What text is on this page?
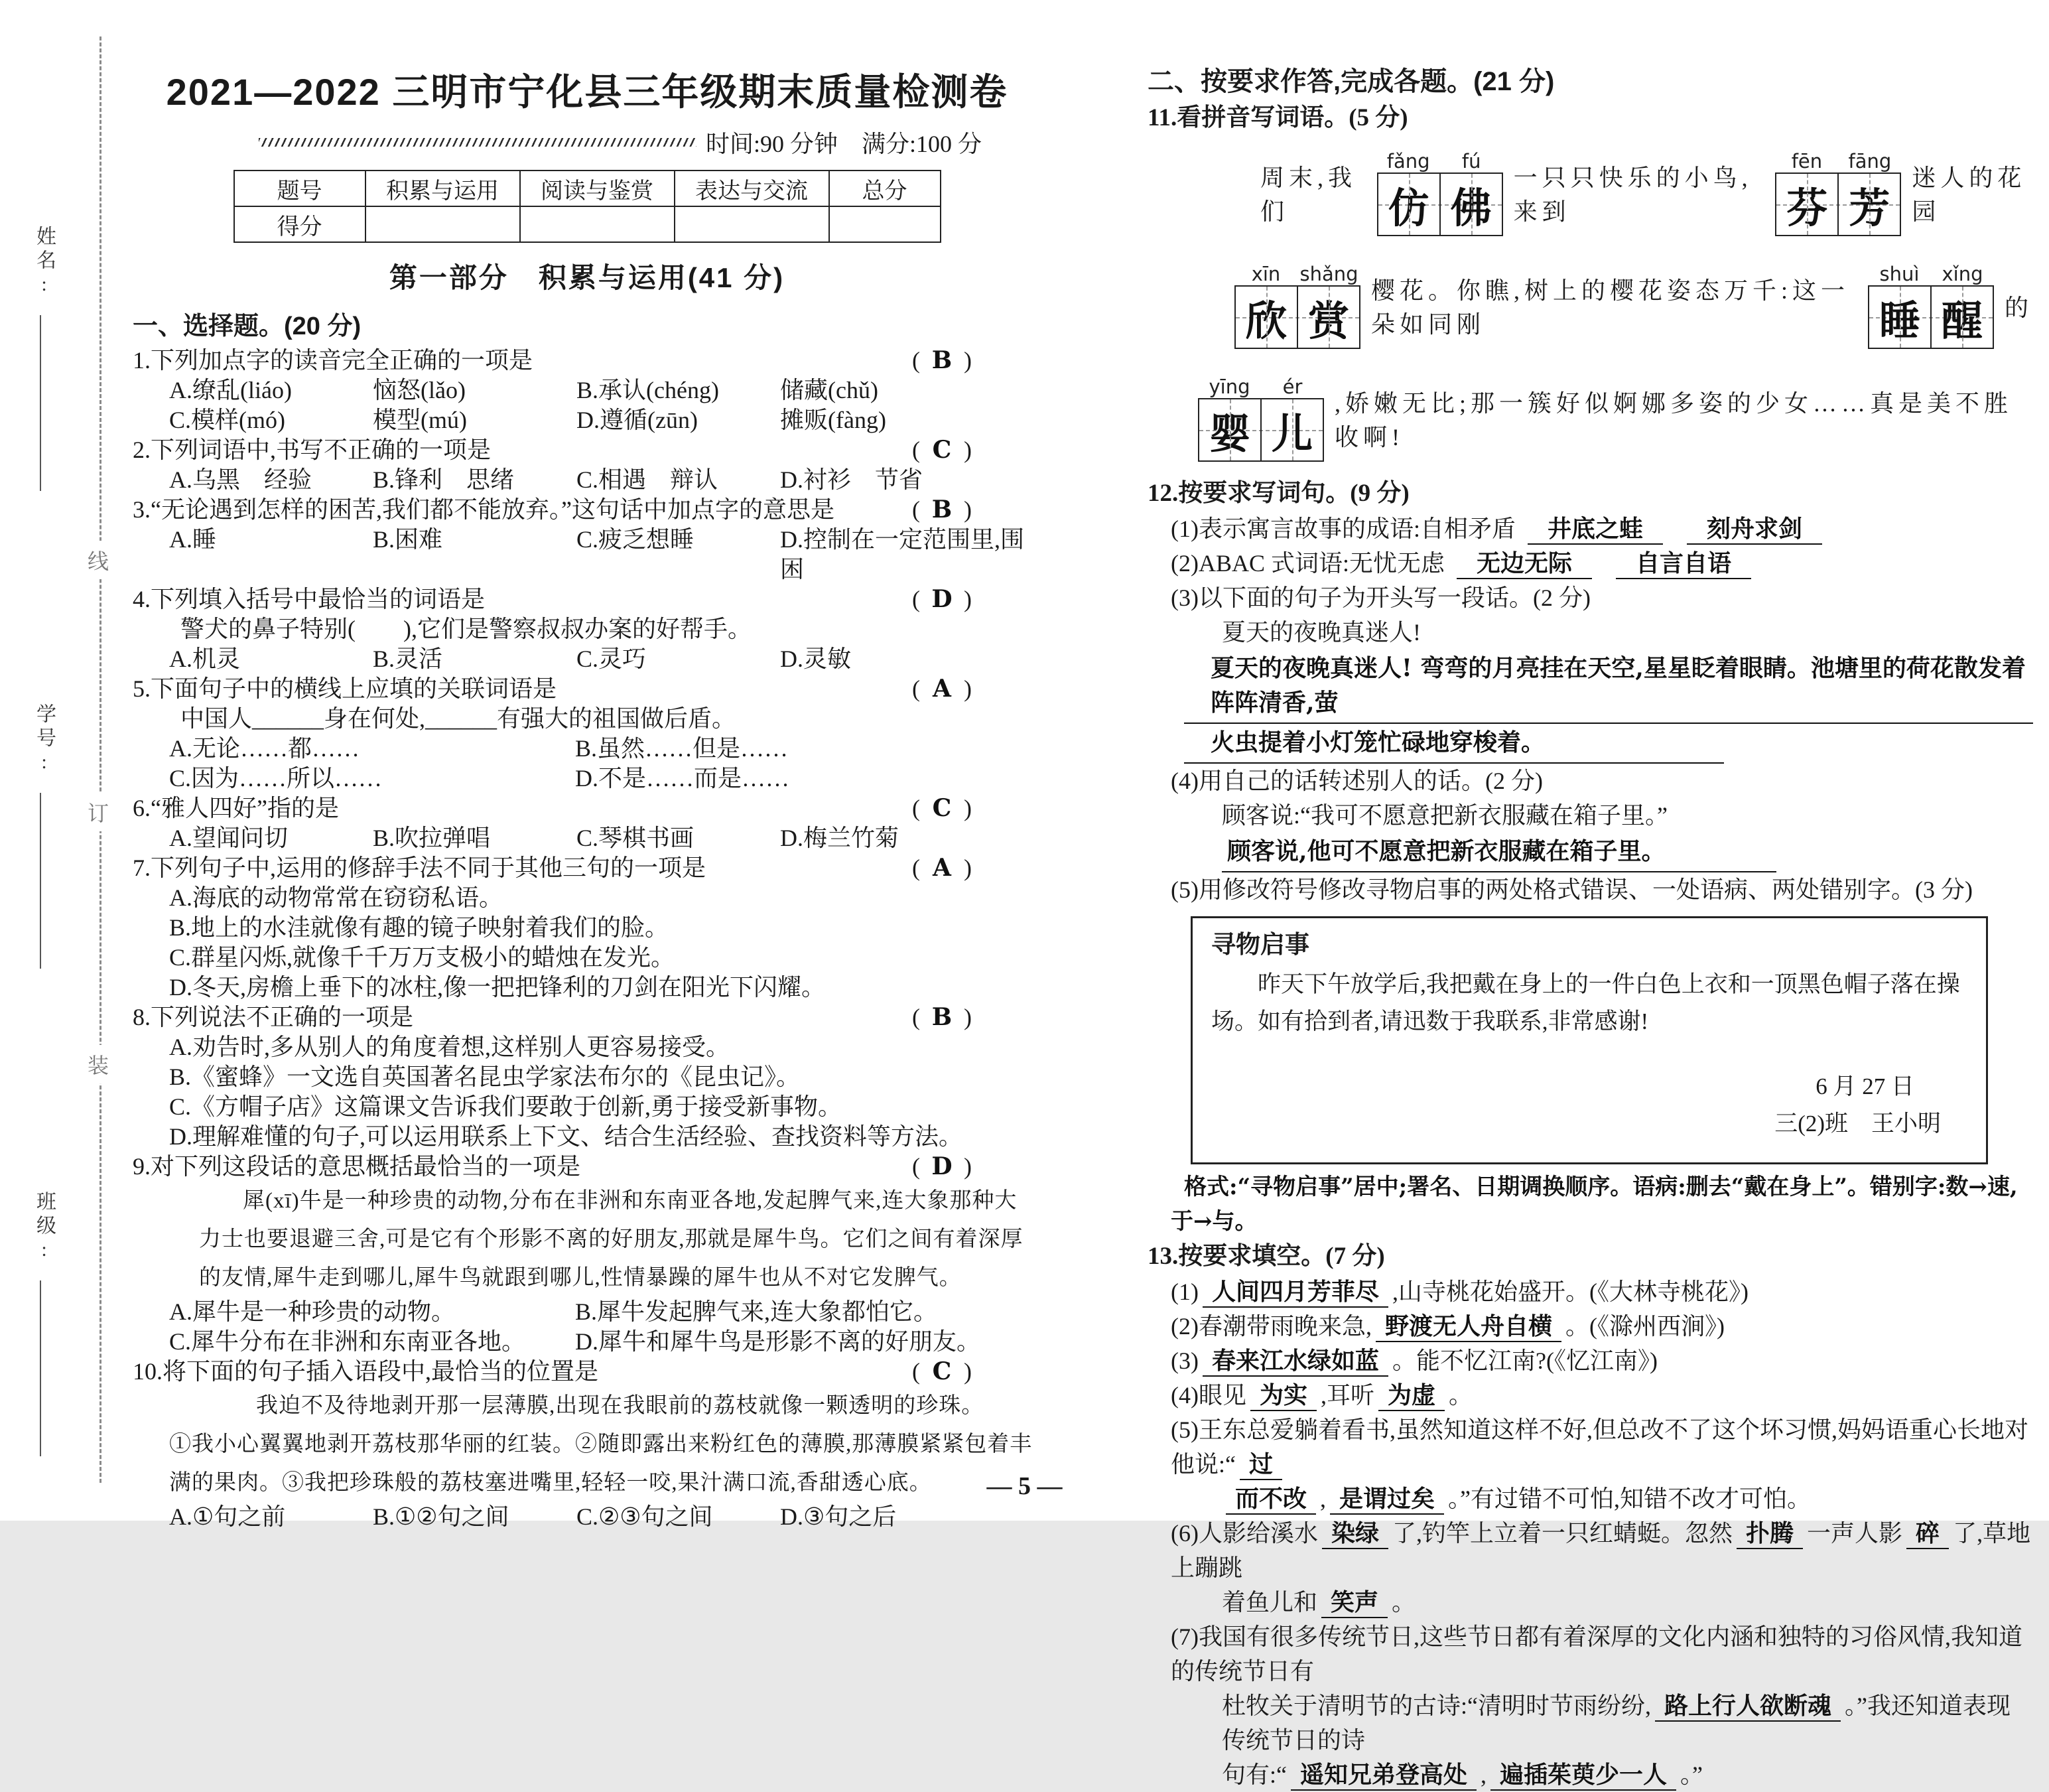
姓名:
学号:
班级:
线
订
装
2021—2022 三明市宁化县三年级期末质量检测卷
时间:90 分钟　满分:100 分
题号	积累与运用	阅读与鉴赏	表达与交流	总分
得分				
第一部分　积累与运用(41 分)
一、选择题。(20 分)
1.下列加点字的读音完全正确的一项是	( B )
A.缭乱(liáo)	恼怒(lǎo)	B.承认(chéng)	储藏(chǔ)
C.模样(mó)	模型(mú)	D.遵循(zūn)	摊贩(fàng)
2.下列词语中,书写不正确的一项是	( C )
A.乌黑　经验	B.锋利　思绪	C.相遇　辩认	D.衬衫　节省
3.“无论遇到怎样的困苦,我们都不能放弃。”这句话中加点字的意思是	( B )
A.睡	B.困难	C.疲乏想睡	D.控制在一定范围里,围困
4.下列填入括号中最恰当的词语是	( D )
警犬的鼻子特别(　　),它们是警察叔叔办案的好帮手。
A.机灵	B.灵活	C.灵巧	D.灵敏
5.下面句子中的横线上应填的关联词语是	( A )
中国人______身在何处,______有强大的祖国做后盾。
A.无论……都……	B.虽然……但是……
C.因为……所以……	D.不是……而是……
6.“雅人四好”指的是	( C )
A.望闻问切	B.吹拉弹唱	C.琴棋书画	D.梅兰竹菊
7.下列句子中,运用的修辞手法不同于其他三句的一项是	( A )
A.海底的动物常常在窃窃私语。
B.地上的水洼就像有趣的镜子映射着我们的脸。
C.群星闪烁,就像千千万万支极小的蜡烛在发光。
D.冬天,房檐上垂下的冰柱,像一把把锋利的刀剑在阳光下闪耀。
8.下列说法不正确的一项是	( B )
A.劝告时,多从别人的角度着想,这样别人更容易接受。
B.《蜜蜂》一文选自英国著名昆虫学家法布尔的《昆虫记》。
C.《方帽子店》这篇课文告诉我们要敢于创新,勇于接受新事物。
D.理解难懂的句子,可以运用联系上下文、结合生活经验、查找资料等方法。
9.对下列这段话的意思概括最恰当的一项是	( D )
犀(xī)牛是一种珍贵的动物,分布在非洲和东南亚各地,发起脾气来,连大象那种大力士也要退避三舍,可是它有个形影不离的好朋友,那就是犀牛鸟。它们之间有着深厚的友情,犀牛走到哪儿,犀牛鸟就跟到哪儿,性情暴躁的犀牛也从不对它发脾气。
A.犀牛是一种珍贵的动物。	B.犀牛发起脾气来,连大象都怕它。
C.犀牛分布在非洲和东南亚各地。	D.犀牛和犀牛鸟是形影不离的好朋友。
10.将下面的句子插入语段中,最恰当的位置是	( C )
我迫不及待地剥开那一层薄膜,出现在我眼前的荔枝就像一颗透明的珍珠。
①我小心翼翼地剥开荔枝那华丽的红装。②随即露出来粉红色的薄膜,那薄膜紧紧包着丰满的果肉。③我把珍珠般的荔枝塞进嘴里,轻轻一咬,果汁满口流,香甜透心底。
A.①句之前	B.①②句之间	C.②③句之间	D.③句之后
二、按要求作答,完成各题。(21 分)
11.看拼音写词语。(5 分)
周末,我们
fǎng	fú
仿 佛
一只只快乐的小鸟,来到
fēn	fāng
芬 芳
迷人的花园
xīn	shǎng
欣 赏
樱花。你瞧,树上的樱花姿态万千:这一朵如同刚
shuì	xǐng
睡 醒 的
yīng	ér
婴 儿
,娇嫩无比;那一簇好似婀娜多姿的少女……真是美不胜收啊!
12.按要求写词句。(9 分)
(1)表示寓言故事的成语:自相矛盾 井底之蛙	刻舟求剑
(2)ABAC 式词语:无忧无虑 无边无际	自言自语
(3)以下面的句子为开头写一段话。(2 分)
夏天的夜晚真迷人!
夏天的夜晚真迷人! 弯弯的月亮挂在天空,星星眨着眼睛。池塘里的荷花散发着阵阵清香,萤
火虫提着小灯笼忙碌地穿梭着。
(4)用自己的话转述别人的话。(2 分)
顾客说:“我可不愿意把新衣服藏在箱子里。”
顾客说,他可不愿意把新衣服藏在箱子里。
(5)用修改符号修改寻物启事的两处格式错误、一处语病、两处错别字。(3 分)
寻物启事

昨天下午放学后,我把戴在身上的一件白色上衣和一顶黑色帽子落在操场。如有拾到者,请迅数于我联系,非常感谢!

6 月 27 日
三(2)班　王小明
格式:“寻物启事”居中;署名、日期调换顺序。语病:删去“戴在身上”。错别字:数→速,
于→与。
13.按要求填空。(7 分)
(1) 人间四月芳菲尽 ,山寺桃花始盛开。(《大林寺桃花》)
(2)春潮带雨晚来急, 野渡无人舟自横 。(《滁州西涧》)
(3) 春来江水绿如蓝 。能不忆江南?(《忆江南》)
(4)眼见 为实 ,耳听 为虚 。
(5)王东总爱躺着看书,虽然知道这样不好,但总改不了这个坏习惯,妈妈语重心长地对他说:“ 过
而不改 , 是谓过矣 。”有过错不可怕,知错不改才可怕。
(6)人影给溪水 染绿 了,钓竿上立着一只红蜻蜓。忽然 扑腾 一声人影 碎 了,草地上蹦跳
着鱼儿和 笑声 。
(7)我国有很多传统节日,这些节日都有着深厚的文化内涵和独特的习俗风情,我知道的传统节日有
杜牧关于清明节的古诗:“清明时节雨纷纷, 路上行人欲断魂 。”我还知道表现传统节日的诗
句有:“ 遥知兄弟登高处 , 遍插茱萸少一人 。”
— 5 —
